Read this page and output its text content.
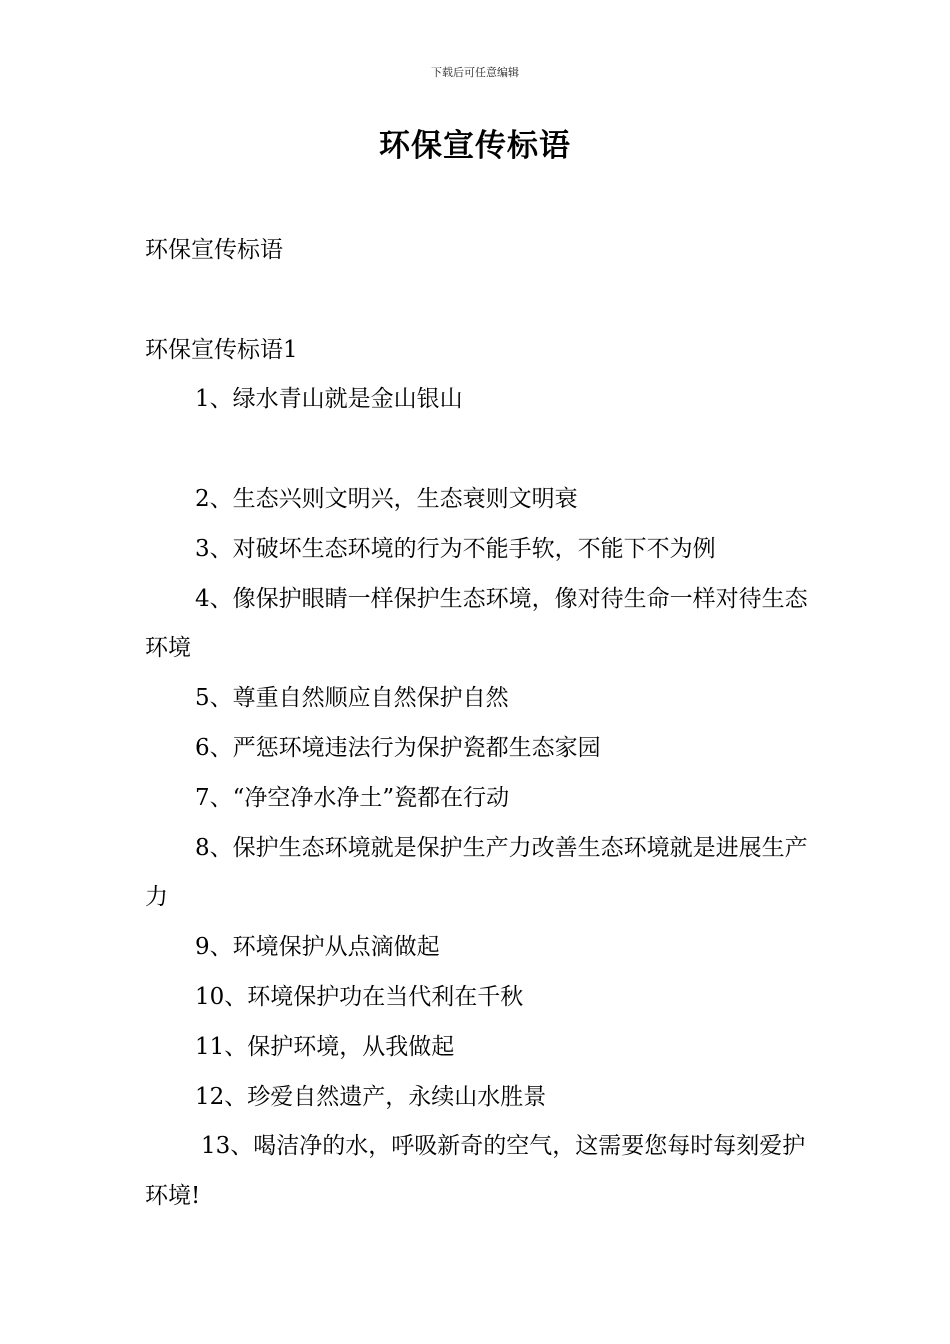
下载后可任意编辑
环保宣传标语

环保宣传标语

环保宣传标语1

1、绿水青山就是金山银山

2、生态兴则文明兴，生态衰则文明衰

3、对破坏生态环境的行为不能手软，不能下不为例

4、像保护眼睛一样保护生态环境，像对待生命一样对待生态环境

5、尊重自然顺应自然保护自然

6、严惩环境违法行为保护瓷都生态家园

7、“净空净水净土”瓷都在行动

8、保护生态环境就是保护生产力改善生态环境就是进展生产力

9、环境保护从点滴做起

10、环境保护功在当代利在千秋

11、保护环境，从我做起

12、珍爱自然遗产，永续山水胜景

13、喝洁净的水，呼吸新奇的空气，这需要您每时每刻爱护环境!
